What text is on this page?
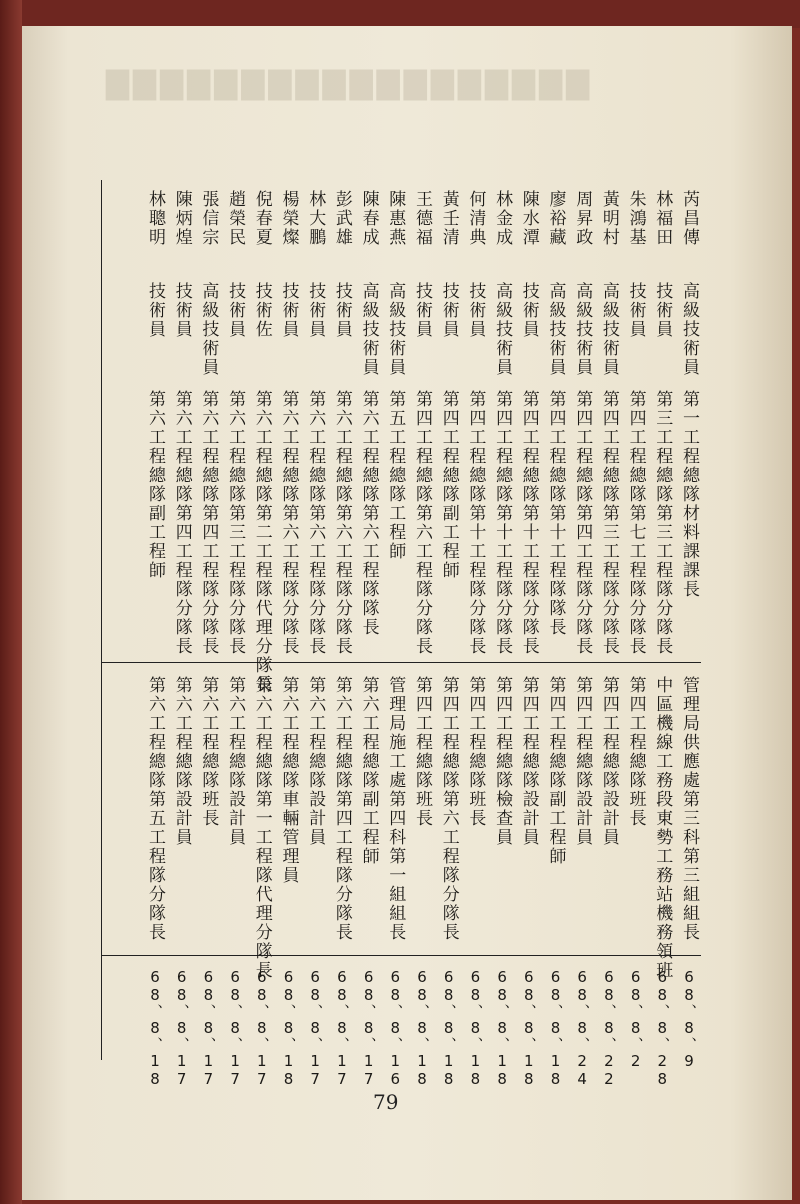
▇▇▇▇▇▇▇▇▇▇▇▇▇▇▇▇▇▇
芮昌傳
高級技術員
第一工程總隊材料課課長
管理局供應處第三科第三組組長
68、8、9
林福田
技術員
第三工程總隊第三工程隊分隊長
中區機線工務段東勢工務站機務領班
68、8、28
朱鴻基
技術員
第四工程總隊第七工程隊分隊長
第四工程總隊班長
68、8、2
黃明村
高級技術員
第四工程總隊第三工程隊分隊長
第四工程總隊設計員
68、8、22
周昇政
高級技術員
第四工程總隊第四工程隊分隊長
第四工程總隊設計員
68、8、24
廖裕藏
高級技術員
第四工程總隊第十工程隊隊長
第四工程總隊副工程師
68、8、18
陳水潭
技術員
第四工程總隊第十工程隊分隊長
第四工程總隊設計員
68、8、18
林金成
高級技術員
第四工程總隊第十工程隊分隊長
第四工程總隊檢查員
68、8、18
何清典
技術員
第四工程總隊第十工程隊分隊長
第四工程總隊班長
68、8、18
黃壬清
技術員
第四工程總隊副工程師
第四工程總隊第六工程隊分隊長
68、8、18
王德福
技術員
第四工程總隊第六工程隊分隊長
第四工程總隊班長
68、8、18
陳惠燕
高級技術員
第五工程總隊工程師
管理局施工處第四科第一組組長
68、8、16
陳春成
高級技術員
第六工程總隊第六工程隊隊長
第六工程總隊副工程師
68、8、17
彭武雄
技術員
第六工程總隊第六工程隊分隊長
第六工程總隊第四工程隊分隊長
68、8、17
林大鵬
技術員
第六工程總隊第六工程隊分隊長
第六工程總隊設計員
68、8、17
楊榮燦
技術員
第六工程總隊第六工程隊分隊長
第六工程總隊車輛管理員
68、8、18
倪春夏
技術佐
第六工程總隊第二工程隊代理分隊長
第六工程總隊第一工程隊代理分隊長
68、8、17
趙榮民
技術員
第六工程總隊第三工程隊分隊長
第六工程總隊設計員
68、8、17
張信宗
高級技術員
第六工程總隊第四工程隊分隊長
第六工程總隊班長
68、8、17
陳炳煌
技術員
第六工程總隊第四工程隊分隊長
第六工程總隊設計員
68、8、17
林聰明
技術員
第六工程總隊副工程師
第六工程總隊第五工程隊分隊長
68、8、18
79
